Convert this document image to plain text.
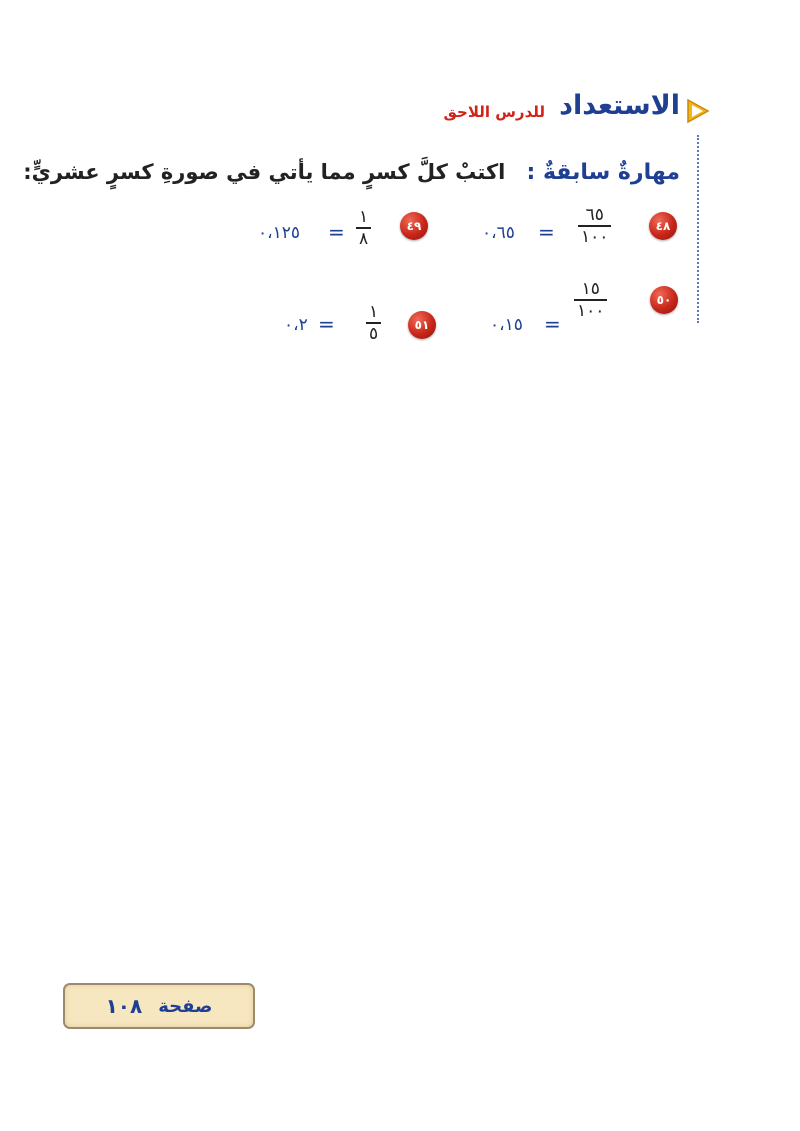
الاستعداد
للدرس اللاحق
مهارةٌ سابقةٌ : اكتبْ كلَّ كسرٍ مما يأتي في صورةِ كسرٍ عشريٍّ:
٤٨
٦٥
١٠٠
=
٠،٦٥
٤٩
١
٨
=
٠،١٢٥
٥٠
١٥
١٠٠
=
٠،١٥
٥١
١
٥
=
٠،٢
صفحة
١٠٨
